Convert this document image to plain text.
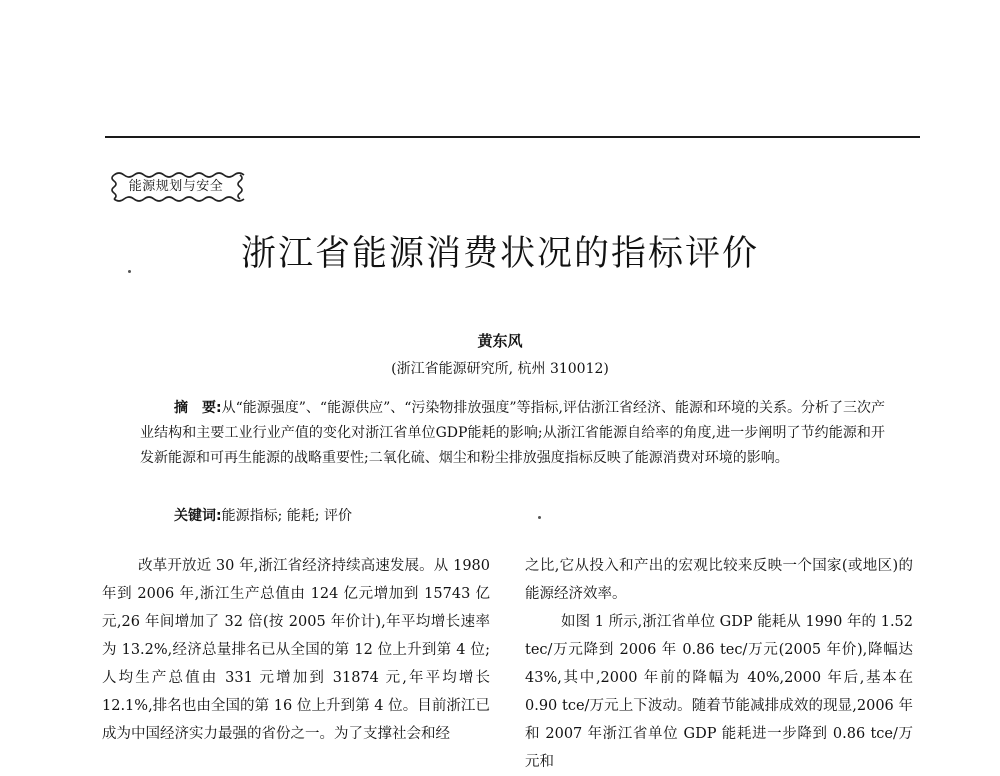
能源规划与安全
浙江省能源消费状况的指标评价
黄东风
(浙江省能源研究所, 杭州 310012)
摘　要:从“能源强度”、“能源供应”、“污染物排放强度”等指标,评估浙江省经济、能源和环境的关系。分析了三次产业结构和主要工业行业产值的变化对浙江省单位GDP能耗的影响;从浙江省能源自给率的角度,进一步阐明了节约能源和开发新能源和可再生能源的战略重要性;二氧化硫、烟尘和粉尘排放强度指标反映了能源消费对环境的影响。
关键词:能源指标; 能耗; 评价

改革开放近 30 年,浙江省经济持续高速发展。从 1980 年到 2006 年,浙江生产总值由 124 亿元增加到 15743 亿元,26 年间增加了 32 倍(按 2005 年价计),年平均增长速率为 13.2%,经济总量排名已从全国的第 12 位上升到第 4 位;人均生产总值由 331 元增加到 31874 元,年平均增长 12.1%,排名也由全国的第 16 位上升到第 4 位。目前浙江已成为中国经济实力最强的省份之一。为了支撑社会和经

之比,它从投入和产出的宏观比较来反映一个国家(或地区)的能源经济效率。

如图 1 所示,浙江省单位 GDP 能耗从 1990 年的 1.52 tec/万元降到 2006 年 0.86 tec/万元(2005 年价),降幅达 43%,其中,2000 年前的降幅为 40%,2000 年后,基本在 0.90 tce/万元上下波动。随着节能减排成效的现显,2006 年和 2007 年浙江省单位 GDP 能耗进一步降到 0.86 tce/万元和
